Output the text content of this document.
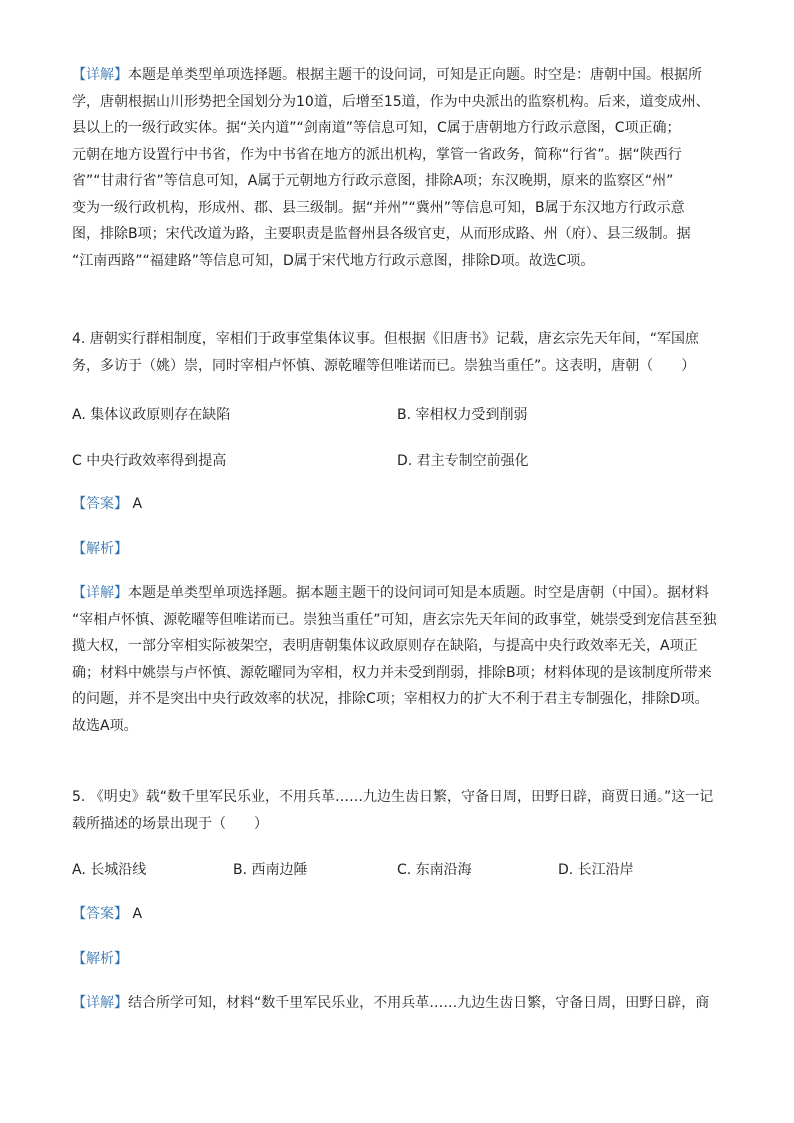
【详解】本题是单类型单项选择题。根据主题干的设问词，可知是正向题。时空是：唐朝中国。根据所
学，唐朝根据山川形势把全国划分为10道，后增至15道，作为中央派出的监察机构。后来，道变成州、
县以上的一级行政实体。据“关内道”“剑南道”等信息可知，C属于唐朝地方行政示意图，C项正确；
元朝在地方设置行中书省，作为中书省在地方的派出机构，掌管一省政务，简称“行省”。据“陕西行
省”“甘肃行省”等信息可知，A属于元朝地方行政示意图，排除A项；东汉晚期，原来的监察区“州”
变为一级行政机构，形成州、郡、县三级制。据“并州”“冀州”等信息可知，B属于东汉地方行政示意
图，排除B项；宋代改道为路，主要职责是监督州县各级官吏，从而形成路、州（府）、县三级制。据
“江南西路”“福建路”等信息可知，D属于宋代地方行政示意图，排除D项。故选C项。
4. 唐朝实行群相制度，宰相们于政事堂集体议事。但根据《旧唐书》记载，唐玄宗先天年间，“军国庶
务，多访于（姚）崇，同时宰相卢怀慎、源乾曜等但唯诺而已。崇独当重任”。这表明，唐朝（　　）
A. 集体议政原则存在缺陷	B. 宰相权力受到削弱
C 中央行政效率得到提高	D. 君主专制空前强化
【答案】 A
【解析】
【详解】本题是单类型单项选择题。据本题主题干的设问词可知是本质题。时空是唐朝（中国）。据材料
“宰相卢怀慎、源乾曜等但唯诺而已。崇独当重任”可知，唐玄宗先天年间的政事堂，姚崇受到宠信甚至独
揽大权，一部分宰相实际被架空，表明唐朝集体议政原则存在缺陷，与提高中央行政效率无关，A项正
确；材料中姚崇与卢怀慎、源乾曜同为宰相，权力并未受到削弱，排除B项；材料体现的是该制度所带来
的问题，并不是突出中央行政效率的状况，排除C项；宰相权力的扩大不利于君主专制强化，排除D项。
故选A项。
5. 《明史》载“数千里军民乐业，不用兵革……九边生齿日繁，守备日周，田野日辟，商贾日通。”这一记
载所描述的场景出现于（　　）
A. 长城沿线	B. 西南边陲	C. 东南沿海	D. 长江沿岸
【答案】 A
【解析】
【详解】结合所学可知，材料“数千里军民乐业，不用兵革……九边生齿日繁，守备日周，田野日辟，商
